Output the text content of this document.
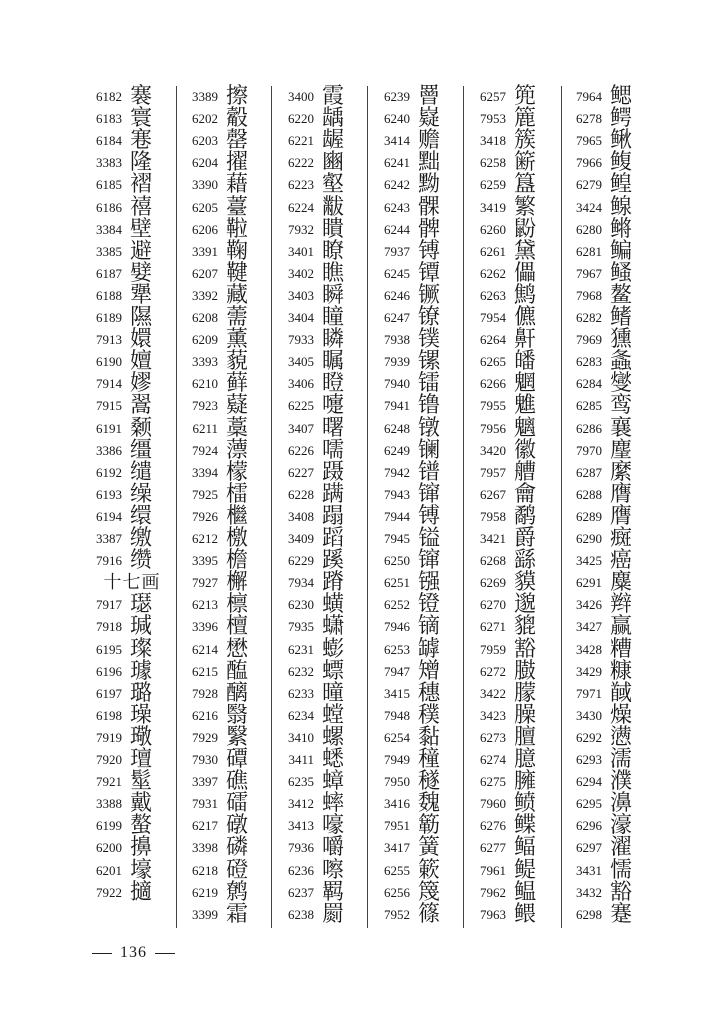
6182 褰
6183 寰
6184 寋
3383 隆
6185 褶
6186 禧
3384 壁
3385 避
6187 嬖
6188 犟
6189 隰
7913 嬛
6190 嬗
7914 嫪
7915 翯
6191 颡
3386 缰
6192 缱
6193 缲
6194 缳
3387 缴
7916 缵
十七画
7917 璱
7918 瑊
6195 璨
6196 璩
6197 璐
6198 璪
7919 璥
7920 璮
7921 髽
3388 戴
6199 螯
6200 擤
6201 壕
7922 擿
3389 擦
6202 觳
6203 罄
6204 擢
3390 藉
6205 薹
6206 鞡
3391 鞠
6207 鞬
3392 藏
6208 薷
6209 薰
3393 藐
6210 藓
7923 薿
6211 藁
7924 薸
3394 檬
7925 檑
7926 檵
6212 檄
3395 檐
7927 檞
6213 檩
3396 檀
6214 懋
6215 醢
7928 醨
6216 翳
7929 繄
7930 磹
3397 礁
7931 礌
6217 礅
3398 磷
6218 磴
6219 鹩
3399 霜
3400 霞
6220 龋
6221 龌
6222 豳
6223 壑
6224 黻
7932 瞶
3401 瞭
3402 瞧
3403 瞬
3404 瞳
7933 瞵
3405 瞩
3406 瞪
6225 嚏
3407 曙
6226 嚅
6227 蹑
6228 蹒
3408 蹋
3409 蹈
6229 蹊
7934 蹐
6230 蟥
7935 蟏
6231 蟛
6232 螵
6233 曈
6234 螳
3410 螺
3411 蟋
6235 蟑
3412 蟀
3413 嚎
7936 嚼
6236 嚓
6237 羁
6238 罽
6239 罾
6240 嶷
3414 赡
6241 黜
6242 黝
6243 髁
6244 髀
7937 镈
6245 镡
6246 镢
6247 镣
7938 镤
7939 镙
7940 镭
7941 镥
6248 镦
6249 镧
7942 镨
7943 镩
7944 镈
7945 镒
6250 镩
6251 镪
6252 镫
7946 镝
6253 罅
7947 矰
3415 穗
7948 穙
6254 黏
7949 穜
7950 穟
3416 魏
7951 簕
3417 簧
6255 簌
6256 篾
7952 篠
6257 篼
7953 簏
3418 簇
6258 簖
6259 簋
3419 繁
6260 鼢
6261 黛
6262 儡
6263 鹪
7954 儦
6264 鼾
6265 皤
6266 魍
7955 魋
7956 魑
3420 徽
7957 艚
6267 龠
7958 鹬
3421 爵
6268 繇
6269 貘
6270 邈
6271 貔
7959 豁
6272 臌
3422 朦
3423 臊
6273 膻
6274 臆
6275 臃
7960 鲼
6276 鲽
6277 鲾
7961 鳀
7962 鳁
7963 鳂
7964 鳃
6278 鳄
7965 鳅
7966 鳆
6279 鳇
3424 鳈
6280 鳉
6281 鳊
7967 鳋
7968 鳌
6282 鳍
7969 獯
6283 螽
6284 燮
6285 鸾
6286 襄
7970 麈
6287 縻
6288 膺
6289 膺
6290 癍
3425 癌
6291 麋
3426 辫
3427 赢
3428 糟
3429 糠
7971 馘
3430 燥
6292 懑
6293 濡
6294 濮
6295 濞
6296 濠
6297 濯
3431 懦
3432 豁
6298 蹇
136
